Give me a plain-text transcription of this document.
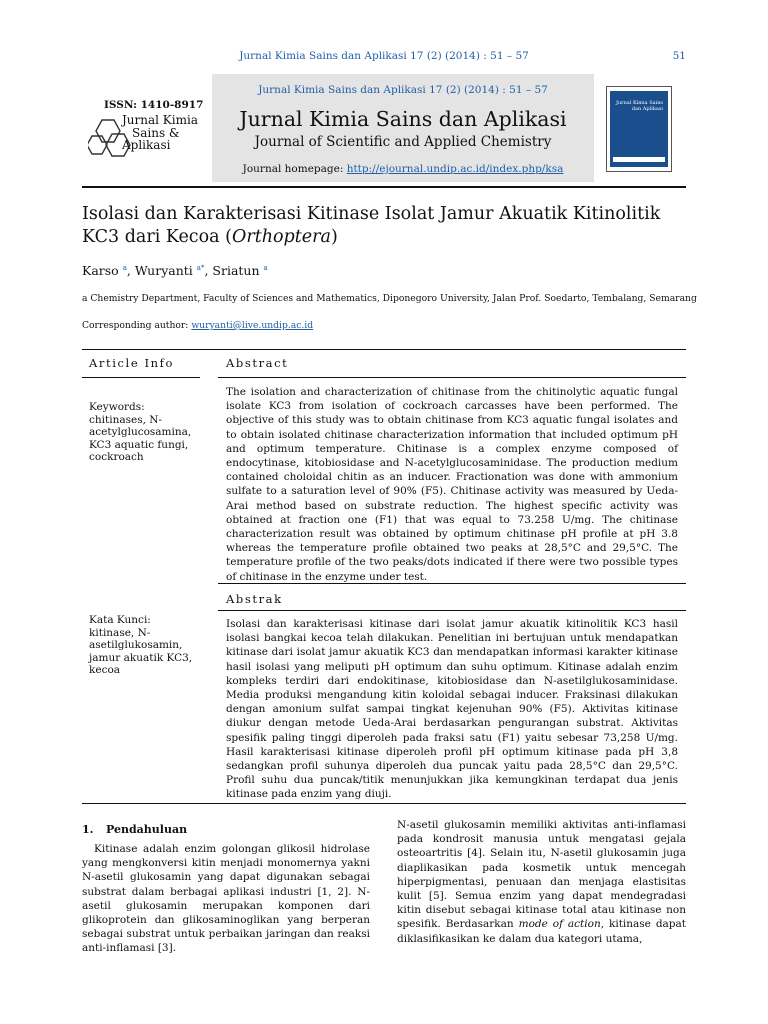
Jurnal Kimia Sains dan Aplikasi 17 (2) (2014) : 51 – 57	51
ISSN: 1410-8917
Jurnal Kimia
Sains &
Aplikasi
Jurnal Kimia Sains dan Aplikasi 17 (2) (2014) : 51 – 57
Jurnal Kimia Sains dan Aplikasi
Journal of Scientific and Applied Chemistry
Journal homepage: http://ejournal.undip.ac.id/index.php/ksa
Jurnal Kimia Sains dan Aplikasi
Isolasi dan Karakterisasi Kitinase Isolat Jamur Akuatik Kitinolitik KC3 dari Kecoa (Orthoptera)
Karso $^a$, Wuryanti $^{a*}$, Sriatun $^a$
a Chemistry Department, Faculty of Sciences and Mathematics, Diponegoro University, Jalan Prof. Soedarto, Tembalang, Semarang
Corresponding author: wuryanti@live.undip.ac.id
Article Info	Abstract
Keywords:
chitinases, N-acetylglucosamina, KC3 aquatic fungi, cockroach
The isolation and characterization of chitinase from the chitinolytic aquatic fungal isolate KC3 from isolation of cockroach carcasses have been performed. The objective of this study was to obtain chitinase from KC3 aquatic fungal isolates and to obtain isolated chitinase characterization information that included optimum pH and optimum temperature. Chitinase is a complex enzyme composed of endocytinase, kitobiosidase and N-acetylglucosaminidase. The production medium contained choloidal chitin as an inducer. Fractionation was done with ammonium sulfate to a saturation level of 90% (F5). Chitinase activity was measured by Ueda-Arai method based on substrate reduction. The highest specific activity was obtained at fraction one (F1) that was equal to 73.258 U/mg. The chitinase characterization result was obtained by optimum chitinase pH profile at pH 3.8 whereas the temperature profile obtained two peaks at 28,5°C and 29,5°C. The temperature profile of the two peaks/dots indicated if there were two possible types of chitinase in the enzyme under test.
Abstrak
Kata Kunci:
kitinase, N-asetilglukosamin, jamur akuatik KC3, kecoa
Isolasi dan karakterisasi kitinase dari isolat jamur akuatik kitinolitik KC3 hasil isolasi bangkai kecoa telah dilakukan. Penelitian ini bertujuan untuk mendapatkan kitinase dari isolat jamur akuatik KC3 dan mendapatkan informasi karakter kitinase hasil isolasi yang meliputi pH optimum dan suhu optimum. Kitinase adalah enzim kompleks terdiri dari endokitinase, kitobiosidase dan N-asetilglukosaminidase. Media produksi mengandung kitin koloidal sebagai inducer. Fraksinasi dilakukan dengan amonium sulfat sampai tingkat kejenuhan 90% (F5). Aktivitas kitinase diukur dengan metode Ueda-Arai berdasarkan pengurangan substrat. Aktivitas spesifik paling tinggi diperoleh pada fraksi satu (F1) yaitu sebesar 73,258 U/mg. Hasil karakterisasi kitinase diperoleh profil pH optimum kitinase pada pH 3,8 sedangkan profil suhunya diperoleh dua puncak yaitu pada 28,5°C dan 29,5°C. Profil suhu dua puncak/titik menunjukkan jika kemungkinan terdapat dua jenis kitinase pada enzim yang diuji.
1. Pendahuluan
Kitinase adalah enzim golongan glikosil hidrolase yang mengkonversi kitin menjadi monomernya yakni N-asetil glukosamin yang dapat digunakan sebagai substrat dalam berbagai aplikasi industri [1, 2]. N-asetil glukosamin merupakan komponen dari glikoprotein dan glikosaminoglikan yang berperan sebagai substrat untuk perbaikan jaringan dan reaksi anti-inflamasi [3].
N-asetil glukosamin memiliki aktivitas anti-inflamasi pada kondrosit manusia untuk mengatasi gejala osteoartritis [4]. Selain itu, N-asetil glukosamin juga diaplikasikan pada kosmetik untuk mencegah hiperpigmentasi, penuaan dan menjaga elastisitas kulit [5]. Semua enzim yang dapat mendegradasi kitin disebut sebagai kitinase total atau kitinase non spesifik. Berdasarkan mode of action, kitinase dapat diklasifikasikan ke dalam dua kategori utama,
